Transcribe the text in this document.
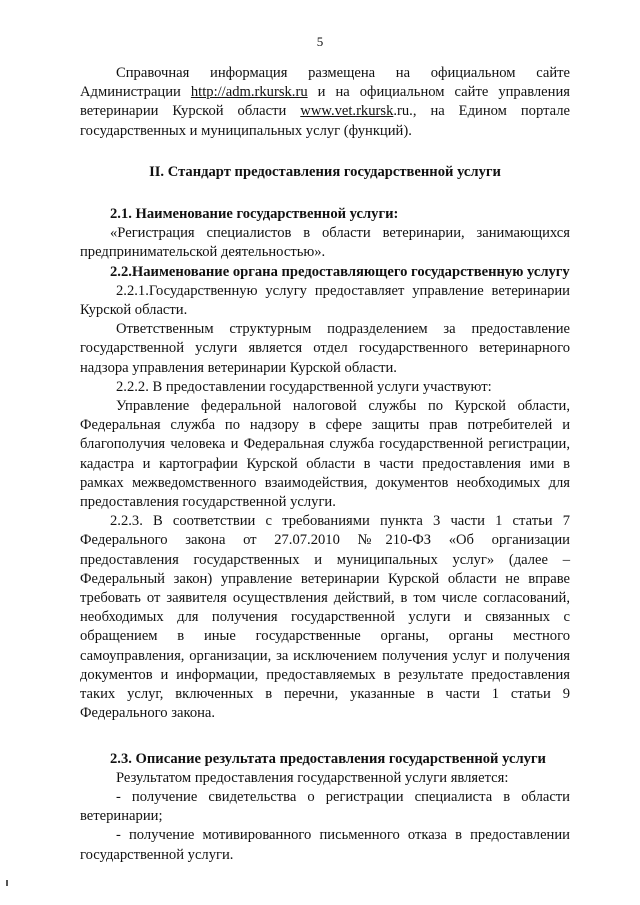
5

Справочная информация размещена на официальном сайте Администрации http://adm.rkursk.ru и на официальном сайте управления ветеринарии Курской области www.vet.rkursk.ru., на Едином портале государственных и муниципальных услуг (функций).

II. Стандарт предоставления государственной услуги

2.1. Наименование государственной услуги:

«Регистрация специалистов в области ветеринарии, занимающихся предпринимательской деятельностью».

2.2.Наименование органа предоставляющего государственную услугу

2.2.1.Государственную услугу предоставляет управление ветеринарии Курской области.

Ответственным структурным подразделением за предоставление государственной услуги является отдел государственного ветеринарного надзора управления ветеринарии Курской области.

2.2.2. В предоставлении государственной услуги участвуют:

Управление федеральной налоговой службы по Курской области, Федеральная служба по надзору в сфере защиты прав потребителей и благополучия человека и Федеральная служба государственной регистрации, кадастра и картографии Курской области в части предоставления ими в рамках межведомственного взаимодействия, документов необходимых для предоставления государственной услуги.

2.2.3. В соответствии с требованиями пункта 3 части 1 статьи 7 Федерального закона от 27.07.2010 №210-ФЗ «Об организации предоставления государственных и муниципальных услуг» (далее – Федеральный закон) управление ветеринарии Курской области не вправе требовать от заявителя осуществления действий, в том числе согласований, необходимых для получения государственной услуги и связанных с обращением в иные государственные органы, органы местного самоуправления, организации, за исключением получения услуг и получения документов и информации, предоставляемых в результате предоставления таких услуг, включенных в перечни, указанные в части 1 статьи 9 Федерального закона.

2.3. Описание результата предоставления государственной услуги

Результатом предоставления государственной услуги является:

- получение свидетельства о регистрации специалиста в области ветеринарии;

- получение мотивированного письменного отказа в предоставлении государственной услуги.
